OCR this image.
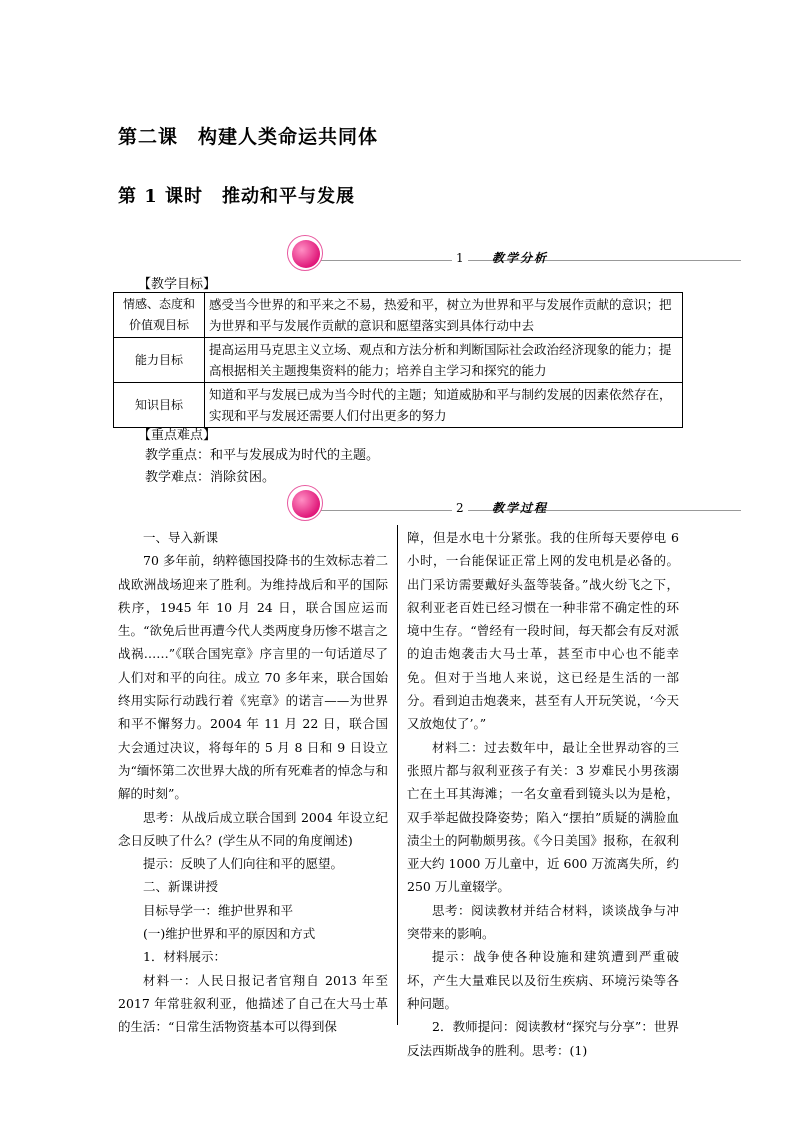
第二课　构建人类命运共同体
第 1 课时　推动和平与发展
1	教学分析
【教学目标】
情感、态度和
价值观目标	感受当今世界的和平来之不易，热爱和平，树立为世界和平与发展作贡献的意识；把为世界和平与发展作贡献的意识和愿望落实到具体行动中去
能力目标	提高运用马克思主义立场、观点和方法分析和判断国际社会政治经济现象的能力；提高根据相关主题搜集资料的能力；培养自主学习和探究的能力
知识目标	知道和平与发展已成为当今时代的主题；知道威胁和平与制约发展的因素依然存在，实现和平与发展还需要人们付出更多的努力
【重点难点】
教学重点：和平与发展成为时代的主题。
教学难点：消除贫困。
2	教学过程

一、导入新课

70 多年前，纳粹德国投降书的生效标志着二战欧洲战场迎来了胜利。为维持战后和平的国际秩序，1945 年 10 月 24 日，联合国应运而生。“欲免后世再遭今代人类两度身历惨不堪言之战祸……”《联合国宪章》序言里的一句话道尽了人们对和平的向往。成立 70 多年来，联合国始终用实际行动践行着《宪章》的诺言——为世界和平不懈努力。2004 年 11 月 22 日，联合国大会通过决议，将每年的 5 月 8 日和 9 日设立为“缅怀第二次世界大战的所有死难者的悼念与和解的时刻”。

思考：从战后成立联合国到 2004 年设立纪念日反映了什么？(学生从不同的角度阐述)

提示：反映了人们向往和平的愿望。

二、新课讲授

目标导学一：维护世界和平

(一)维护世界和平的原因和方式

1．材料展示：

材料一：人民日报记者官翔自 2013 年至 2017 年常驻叙利亚，他描述了自己在大马士革的生活：“日常生活物资基本可以得到保

障，但是水电十分紧张。我的住所每天要停电 6 小时，一台能保证正常上网的发电机是必备的。出门采访需要戴好头盔等装备。”战火纷飞之下，叙利亚老百姓已经习惯在一种非常不确定性的环境中生存。“曾经有一段时间，每天都会有反对派的迫击炮袭击大马士革，甚至市中心也不能幸免。但对于当地人来说，这已经是生活的一部分。看到迫击炮袭来，甚至有人开玩笑说，‘今天又放炮仗了’。”

材料二：过去数年中，最让全世界动容的三张照片都与叙利亚孩子有关：3 岁难民小男孩溺亡在土耳其海滩；一名女童看到镜头以为是枪，双手举起做投降姿势；陷入“摆拍”质疑的满脸血渍尘土的阿勒颇男孩。《今日美国》报称，在叙利亚大约 1000 万儿童中，近 600 万流离失所，约 250 万儿童辍学。

思考：阅读教材并结合材料，谈谈战争与冲突带来的影响。

提示：战争使各种设施和建筑遭到严重破坏，产生大量难民以及衍生疾病、环境污染等各种问题。

2．教师提问：阅读教材“探究与分享”：世界反法西斯战争的胜利。思考：(1)
